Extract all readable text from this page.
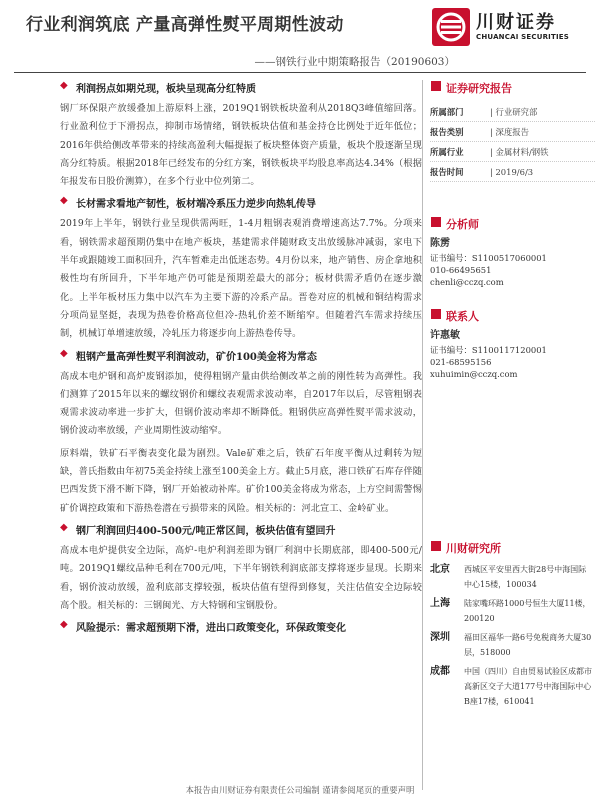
行业利润筑底 产量高弹性熨平周期性波动
——钢铁行业中期策略报告（20190603）
川财证券
CHUANCAI SECURITIES
◆ 利润拐点如期兑现，板块呈现高分红特质

钢厂环保限产放缓叠加上游原料上涨，2019Q1钢铁板块盈利从2018Q3峰值缩回落。行业盈利位于下滑拐点，抑制市场情绪，钢铁板块估值和基金持仓比例处于近年低位；2016年供给侧改革带来的持续高盈利大幅提振了板块整体资产质量，板块个股逐渐呈现高分红特质。根据2018年已经发布的分红方案，钢铁板块平均股息率高达4.34%（根据年报发布日股价测算），在多个行业中位列第二。

◆ 长材需求看地产韧性，板材端冷系压力逆步向热轧传导

2019年上半年，钢铁行业呈现供需两旺，1-4月粗钢表观消费增速高达7.7%。分项来看，钢铁需求超预期仍集中在地产板块，基建需求伴随财政支出放缓脉冲减弱，家电下半年或跟随竣工面积回升，汽车暂难走出低迷态势。4月份以来，地产销售、房企拿地积极性均有所回升，下半年地产仍可能是预期差最大的部分；板材供需矛盾仍在逐步激化。上半年板材压力集中以汽车为主要下游的冷系产品。晋卷对应的机械和铜结构需求分项尚显坚挺，表现为热卷价格高位但冷-热轧价差不断缩窄。但随着汽车需求持续压制，机械订单增速放缓，冷轧压力将逐步向上游热卷传导。

◆ 粗钢产量高弹性熨平利润波动，矿价100美金将为常态

高成本电炉钢和高炉废钢添加，使得粗钢产量由供给侧改革之前的刚性转为高弹性。我们测算了2015年以来的螺纹钢价和螺纹表观需求波动率，自2017年以后，尽管粗钢表观需求波动率进一步扩大，但钢价波动率却不断降低。粗钢供应高弹性熨平需求波动，钢价波动率放缓，产业周期性波动缩窄。

原料端，铁矿石平衡表变化最为剧烈。Vale矿难之后，铁矿石年度平衡从过剩转为短缺，普氏指数由年初75美金持续上涨至100美金上方。截止5月底，港口铁矿石库存伴随巴西发货下滑不断下降，钢厂开始被动补库。矿价100美金将成为常态，上方空间需警惕矿价调控政策和下游热卷潜在亏损带来的风险。相关标的：河北宣工、金岭矿业。

◆ 钢厂利润回归400-500元/吨正常区间，板块估值有望回升

高成本电炉提供安全边际，高炉-电炉利润差即为钢厂利润中长期底部，即400-500元/吨。2019Q1螺纹品种毛利在700元/吨，下半年钢铁利润底部支撑将逐步显现。长期来看，钢价波动放缓，盈利底部支撑较强，板块估值有望得到修复，关注估值安全边际较高个股。相关标的：三钢闽光、方大特钢和宝钢股份。

◆ 风险提示：需求超预期下滑，进出口政策变化，环保政策变化
证券研究报告
所属部门	| 行业研究部
报告类别	| 深度报告
所属行业	| 金属材料/钢铁
报告时间	| 2019/6/3
分析师
陈雳
证书编号：S1100517060001
010-66495651
chenli@cczq.com
联系人
许惠敏
证书编号：S1100117120001
021-68595156
xuhuimin@cczq.com
川财研究所
北京	西城区平安里西大街28号中海国际中心15楼，100034
上海	陆家嘴环路1000号恒生大厦11楼，200120
深圳	福田区福华一路6号免税商务大厦30层，518000
成都	中国（四川）自由贸易试验区成都市高新区交子大道177号中海国际中心B座17楼，610041
本报告由川财证券有限责任公司编制 谨请参阅尾页的重要声明
